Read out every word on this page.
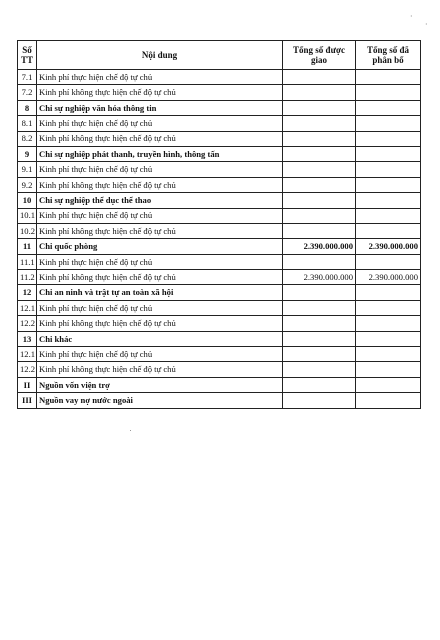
·
·
Số TT	Nội dung	Tổng số được giao	Tổng số đã phân bổ
7.1	Kinh phí thực hiện chế độ tự chủ		
7.2	Kinh phí không thực hiện chế độ tự chủ		
8	Chi sự nghiệp văn hóa thông tin		
8.1	Kinh phí thực hiện chế độ tự chủ		
8.2	Kinh phí không thực hiện chế độ tự chủ		
9	Chi sự nghiệp phát thanh, truyền hình, thông tấn		
9.1	Kinh phí thực hiện chế độ tự chủ		
9.2	Kinh phí không thực hiện chế độ tự chủ		
10	Chi sự nghiệp thể dục thể thao		
10.1	Kinh phí thực hiện chế độ tự chủ		
10.2	Kinh phí không thực hiện chế độ tự chủ		
11	Chi quốc phòng	2.390.000.000	2.390.000.000
11.1	Kinh phí thực hiện chế độ tự chủ		
11.2	Kinh phí không thực hiện chế độ tự chủ	2.390.000.000	2.390.000.000
12	Chi an ninh và trật tự an toàn xã hội		
12.1	Kinh phí thực hiện chế độ tự chủ		
12.2	Kinh phí không thực hiện chế độ tự chủ		
13	Chi khác		
12.1	Kinh phí thực hiện chế độ tự chủ		
12.2	Kinh phí không thực hiện chế độ tự chủ		
II	Nguồn vốn viện trợ		
III	Nguồn vay nợ nước ngoài		
